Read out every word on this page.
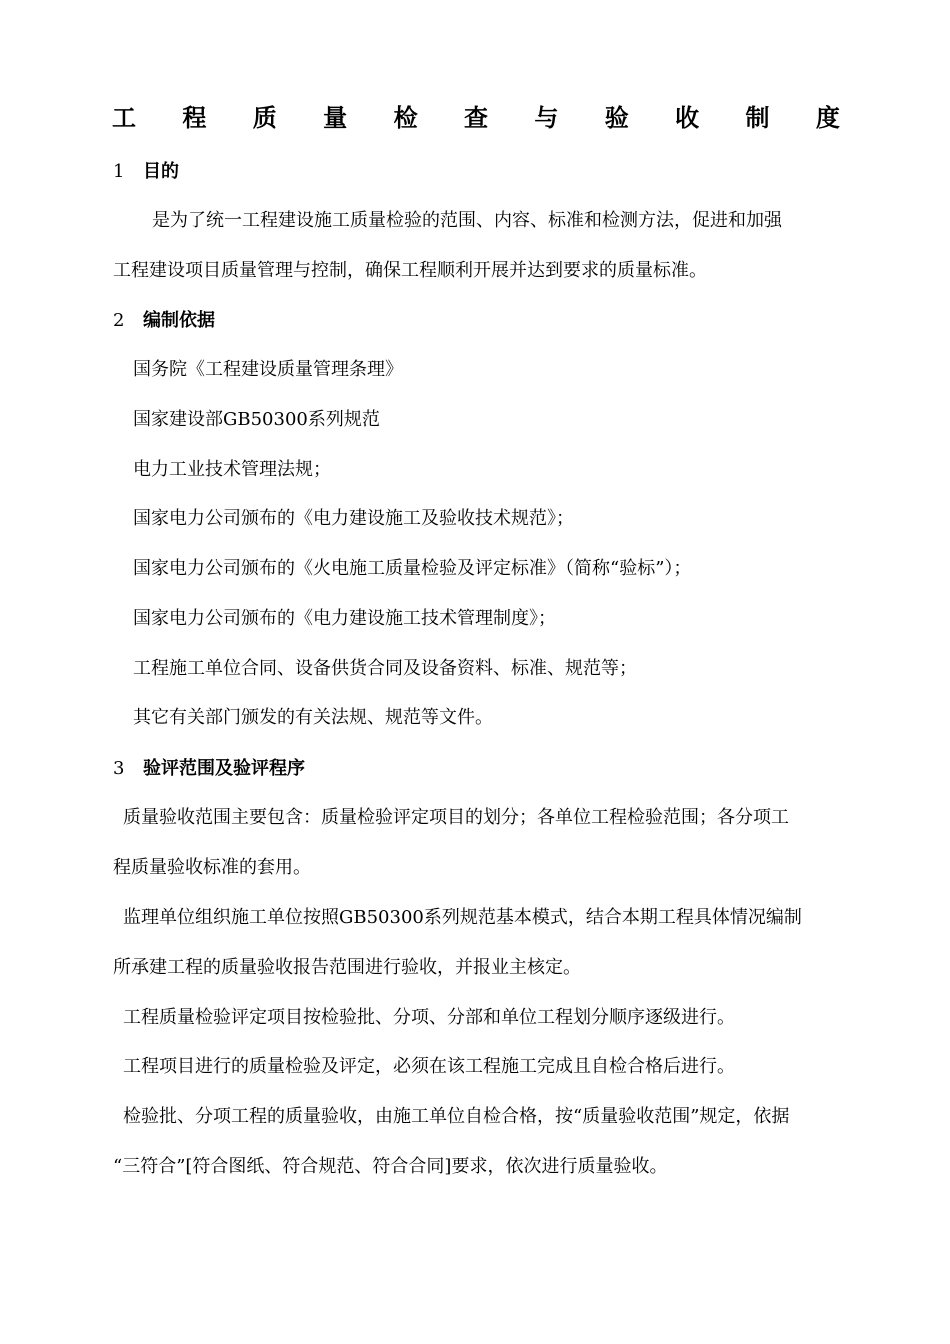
工 程 质 量 检 查 与 验 收 制 度
1 目的
是为了统一工程建设施工质量检验的范围、内容、标准和检测方法，促进和加强
工程建设项目质量管理与控制，确保工程顺利开展并达到要求的质量标准。
2 编制依据
国务院《工程建设质量管理条理》
国家建设部GB50300系列规范
电力工业技术管理法规；
国家电力公司颁布的《电力建设施工及验收技术规范》；
国家电力公司颁布的《火电施工质量检验及评定标准》（简称“验标”）；
国家电力公司颁布的《电力建设施工技术管理制度》；
工程施工单位合同、设备供货合同及设备资料、标准、规范等；
其它有关部门颁发的有关法规、规范等文件。
3 验评范围及验评程序
质量验收范围主要包含：质量检验评定项目的划分；各单位工程检验范围；各分项工
程质量验收标准的套用。
监理单位组织施工单位按照GB50300系列规范基本模式，结合本期工程具体情况编制
所承建工程的质量验收报告范围进行验收，并报业主核定。
工程质量检验评定项目按检验批、分项、分部和单位工程划分顺序逐级进行。
工程项目进行的质量检验及评定，必须在该工程施工完成且自检合格后进行。
检验批、分项工程的质量验收，由施工单位自检合格，按“质量验收范围”规定，依据
“三符合”[符合图纸、符合规范、符合合同]要求，依次进行质量验收。
